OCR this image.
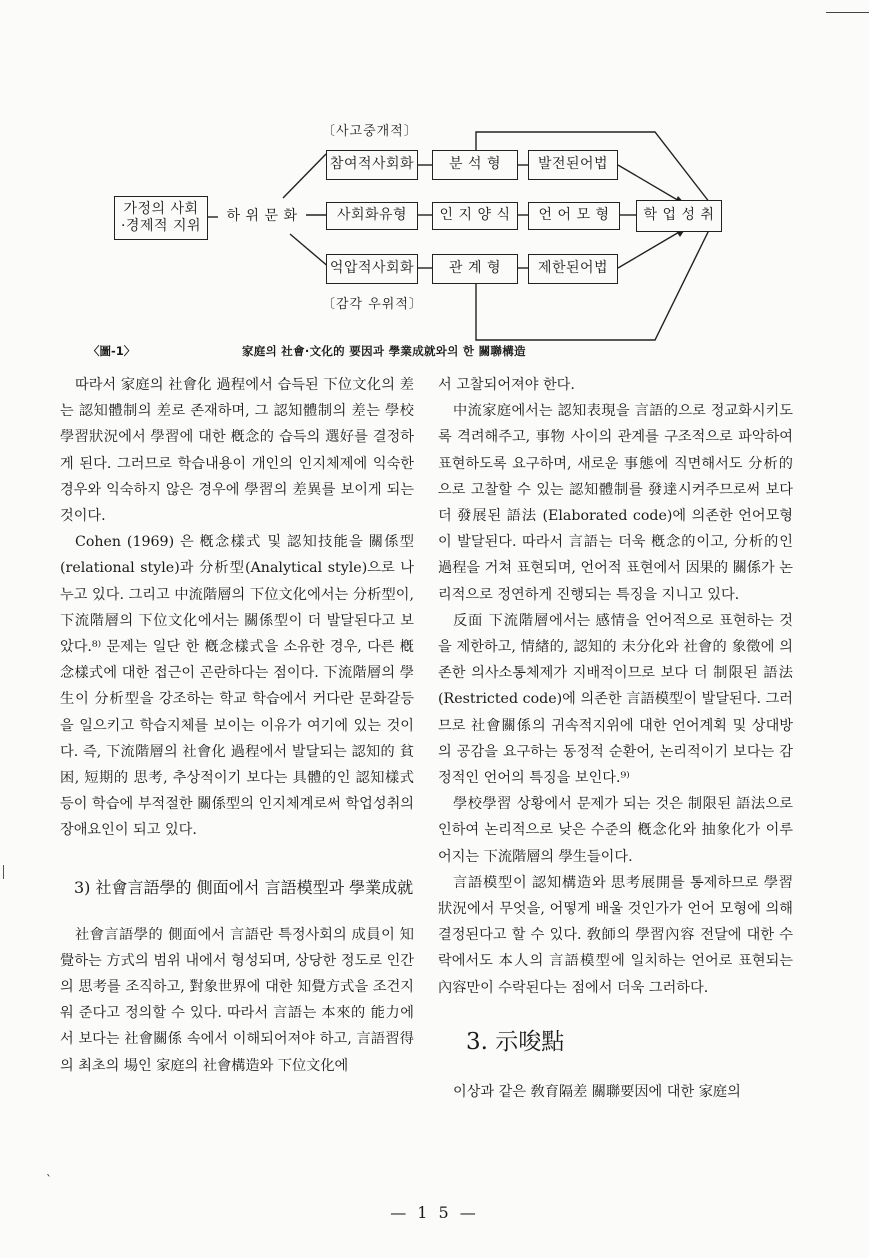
〔사고중개적〕
〔감각 우위적〕
가정의 사회
·경제적 지위
하 위 문 화
참여적사회화
사회화유형
억압적사회화
분 석 형
인 지 양 식
관 계 형
발전된어법
언 어 모 형
제한된어법
학 업 성 취
〈圖-1〉	家庭의 社會·文化的 要因과 學業成就와의 한 關聯構造

따라서 家庭의 社會化 過程에서 습득된 下位文化의 差는 認知體制의 差로 존재하며, 그 認知體制의 差는 學校學習狀況에서 學習에 대한 槪念的 습득의 選好를 결정하게 된다. 그러므로 학습내용이 개인의 인지체제에 익숙한 경우와 익숙하지 않은 경우에 學習의 差異를 보이게 되는 것이다.

Cohen (1969) 은 槪念樣式 및 認知技能을 關係型(relational style)과 分析型(Analytical style)으로 나누고 있다. 그리고 中流階層의 下位文化에서는 分析型이, 下流階層의 下位文化에서는 關係型이 더 발달된다고 보았다.⁸⁾ 문제는 일단 한 槪念樣式을 소유한 경우, 다른 槪念樣式에 대한 접근이 곤란하다는 점이다. 下流階層의 學生이 分析型을 강조하는 학교 학습에서 커다란 문화갈등을 일으키고 학습지체를 보이는 이유가 여기에 있는 것이다. 즉, 下流階層의 社會化 過程에서 발달되는 認知的 貧困, 短期的 思考, 추상적이기 보다는 具體的인 認知樣式 등이 학습에 부적절한 關係型의 인지체계로써 학업성취의 장애요인이 되고 있다.

3) 社會言語學的 側面에서 言語模型과 學業成就

社會言語學的 側面에서 言語란 특정사회의 成員이 知覺하는 方式의 범위 내에서 형성되며, 상당한 정도로 인간의 思考를 조직하고, 對象世界에 대한 知覺方式을 조건지워 준다고 정의할 수 있다. 따라서 言語는 本來的 能力에서 보다는 社會關係 속에서 이해되어져야 하고, 言語習得의 최초의 場인 家庭의 社會構造와 下位文化에

서 고찰되어져야 한다.

中流家庭에서는 認知表現을 言語的으로 정교화시키도록 격려해주고, 事物 사이의 관계를 구조적으로 파악하여 표현하도록 요구하며, 새로운 事態에 직면해서도 分析的으로 고찰할 수 있는 認知體制를 發達시켜주므로써 보다 더 發展된 語法 (Elaborated code)에 의존한 언어모형이 발달된다. 따라서 言語는 더욱 槪念的이고, 分析的인 過程을 거쳐 표현되며, 언어적 표현에서 因果的 關係가 논리적으로 정연하게 진행되는 특징을 지니고 있다.

反面 下流階層에서는 感情을 언어적으로 표현하는 것을 제한하고, 情緖的, 認知的 未分化와 社會的 象徵에 의존한 의사소통체제가 지배적이므로 보다 더 制限된 語法 (Restricted code)에 의존한 言語模型이 발달된다. 그러므로 社會關係의 귀속적지위에 대한 언어계획 및 상대방의 공감을 요구하는 동정적 순환어, 논리적이기 보다는 감정적인 언어의 특징을 보인다.⁹⁾

學校學習 상황에서 문제가 되는 것은 制限된 語法으로 인하여 논리적으로 낮은 수준의 槪念化와 抽象化가 이루어지는 下流階層의 學生들이다.

言語模型이 認知構造와 思考展開를 통제하므로 學習狀況에서 무엇을, 어떻게 배울 것인가가 언어 모형에 의해 결정된다고 할 수 있다. 敎師의 學習內容 전달에 대한 수락에서도 本人의 言語模型에 일치하는 언어로 표현되는 內容만이 수락된다는 점에서 더욱 그러하다.

3. 示唆點

이상과 같은 敎育隔差 關聯要因에 대한 家庭의

`
— 1 5 —
